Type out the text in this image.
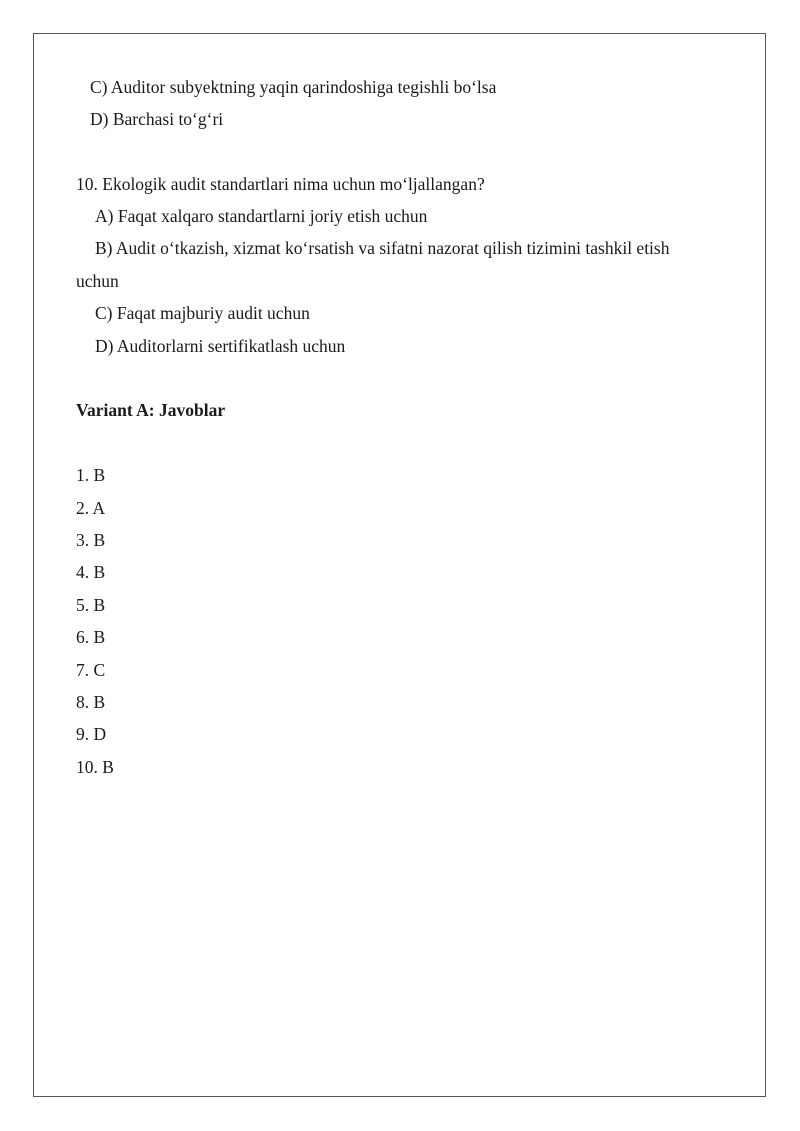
C) Auditor subyektning yaqin qarindoshiga tegishli bo‘lsa
D) Barchasi to‘g‘ri
10. Ekologik audit standartlari nima uchun mo‘ljallangan?
A) Faqat xalqaro standartlarni joriy etish uchun
B) Audit o‘tkazish, xizmat ko‘rsatish va sifatni nazorat qilish tizimini tashkil etish
uchun
C) Faqat majburiy audit uchun
D) Auditorlarni sertifikatlash uchun
Variant A: Javoblar
1. B
2. A
3. B
4. B
5. B
6. B
7. C
8. B
9. D
10. B
